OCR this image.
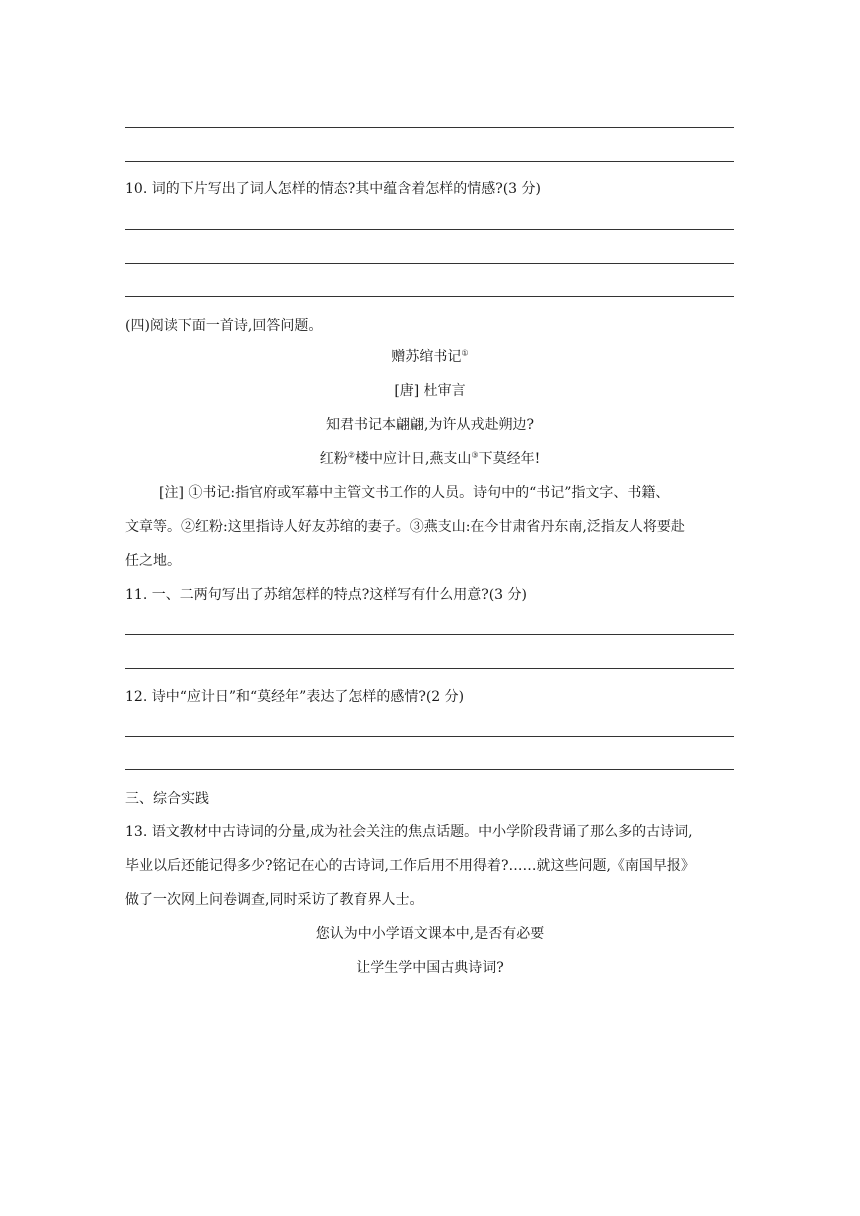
10. 词的下片写出了词人怎样的情态?其中蕴含着怎样的情感?(3 分)
(四)阅读下面一首诗,回答问题。
赠苏绾书记①
[唐] 杜审言
知君书记本翩翩,为许从戎赴朔边?
红粉②楼中应计日,燕支山③下莫经年!
[注] ①书记:指官府或军幕中主管文书工作的人员。诗句中的“书记”指文字、书籍、
文章等。②红粉:这里指诗人好友苏绾的妻子。③燕支山:在今甘肃省丹东南,泛指友人将要赴
任之地。
11. 一、二两句写出了苏绾怎样的特点?这样写有什么用意?(3 分)
12. 诗中“应计日”和“莫经年”表达了怎样的感情?(2 分)
三、综合实践
13. 语文教材中古诗词的分量,成为社会关注的焦点话题。中小学阶段背诵了那么多的古诗词,
毕业以后还能记得多少?铭记在心的古诗词,工作后用不用得着?……就这些问题,《南国早报》
做了一次网上问卷调查,同时采访了教育界人士。
您认为中小学语文课本中,是否有必要
让学生学中国古典诗词?
